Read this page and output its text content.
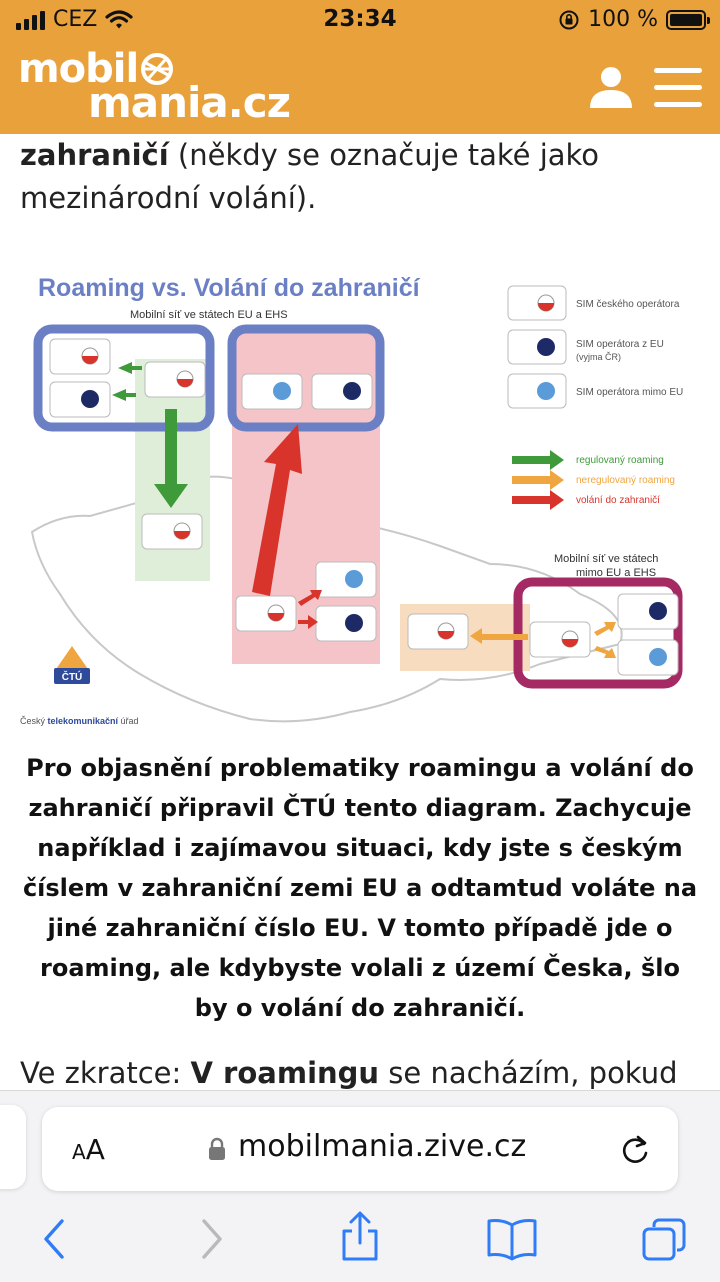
CEZ	23:34	100 %
mobil
mania.cz

zahraničí (někdy se označuje také jako mezinárodní volání).

Roaming vs. Volání do zahraničí
Mobilní síť ve státech EU a EHS
Mobilní síť ve státech
mimo EU a EHS
SIM českého operátora
SIM operátora z EU
(vyjma ČR)
SIM operátora mimo EU
regulovaný roaming
neregulovaný roaming
volání do zahraničí
ČTÚ
Český telekomunikační úřad
Pro objasnění problematiky roamingu a volání do zahraničí připravil ČTÚ tento diagram. Zachycuje například i zajímavou situaci, kdy jste s českým číslem v zahraniční zemi EU a odtamtud voláte na jiné zahraniční číslo EU. V tomto případě jde o roaming, ale kdybyste volali z území Česka, šlo by o volání do zahraničí.

Ve zkratce: V roamingu se nacházím, pokud

AA	mobilmania.zive.cz
